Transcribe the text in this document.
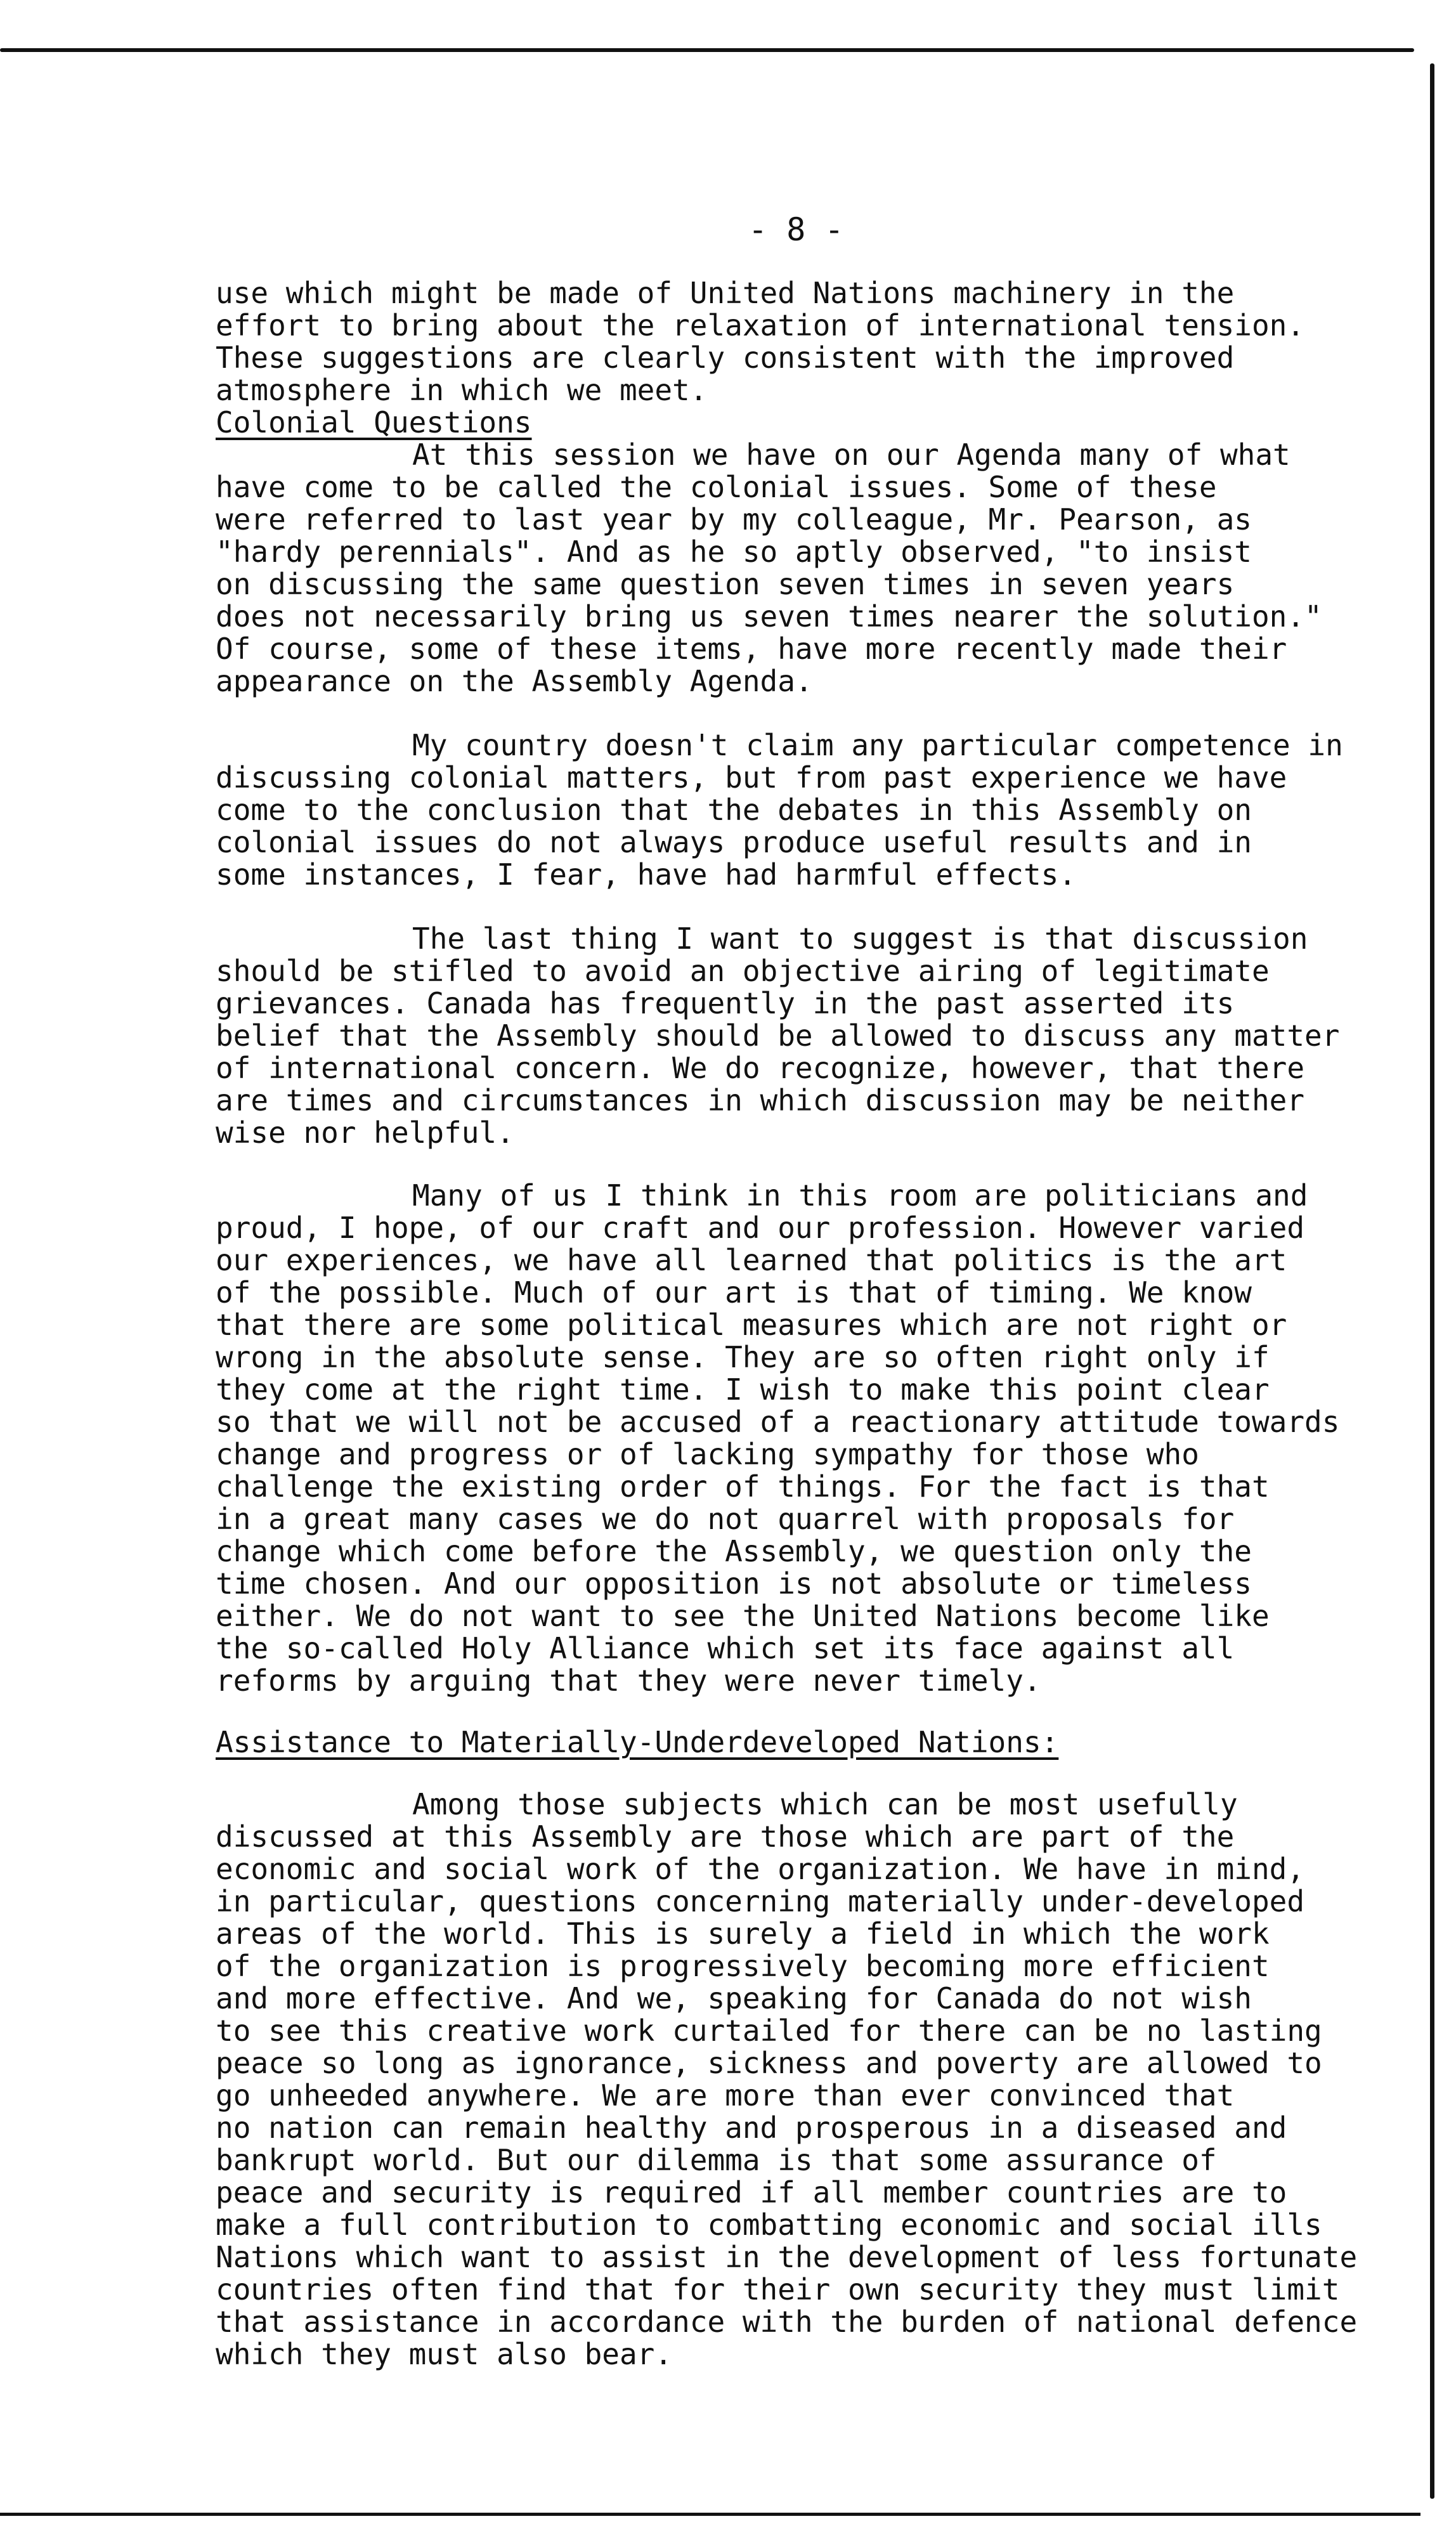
- 8 -
use which might be made of United Nations machinery in the
effort to bring about the relaxation of international tension.
These suggestions are clearly consistent with the improved
atmosphere in which we meet.
Colonial Questions
At this session we have on our Agenda many of what
have come to be called the colonial issues. Some of these
were referred to last year by my colleague, Mr. Pearson, as
"hardy perennials". And as he so aptly observed, "to insist
on discussing the same question seven times in seven years
does not necessarily bring us seven times nearer the solution."
Of course, some of these items, have more recently made their
appearance on the Assembly Agenda.
My country doesn't claim any particular competence in
discussing colonial matters, but from past experience we have
come to the conclusion that the debates in this Assembly on
colonial issues do not always produce useful results and in
some instances, I fear, have had harmful effects.
The last thing I want to suggest is that discussion
should be stifled to avoid an objective airing of legitimate
grievances. Canada has frequently in the past asserted its
belief that the Assembly should be allowed to discuss any matter
of international concern. We do recognize, however, that there
are times and circumstances in which discussion may be neither
wise nor helpful.
Many of us I think in this room are politicians and
proud, I hope, of our craft and our profession. However varied
our experiences, we have all learned that politics is the art
of the possible. Much of our art is that of timing. We know
that there are some political measures which are not right or
wrong in the absolute sense. They are so often right only if
they come at the right time. I wish to make this point clear
so that we will not be accused of a reactionary attitude towards
change and progress or of lacking sympathy for those who
challenge the existing order of things. For the fact is that
in a great many cases we do not quarrel with proposals for
change which come before the Assembly, we question only the
time chosen. And our opposition is not absolute or timeless
either. We do not want to see the United Nations become like
the so-called Holy Alliance which set its face against all
reforms by arguing that they were never timely.
Assistance to Materially-Underdeveloped Nations:
Among those subjects which can be most usefully
discussed at this Assembly are those which are part of the
economic and social work of the organization. We have in mind,
in particular, questions concerning materially under-developed
areas of the world. This is surely a field in which the work
of the organization is progressively becoming more efficient
and more effective. And we, speaking for Canada do not wish
to see this creative work curtailed for there can be no lasting
peace so long as ignorance, sickness and poverty are allowed to
go unheeded anywhere. We are more than ever convinced that
no nation can remain healthy and prosperous in a diseased and
bankrupt world. But our dilemma is that some assurance of
peace and security is required if all member countries are to
make a full contribution to combatting economic and social ills
Nations which want to assist in the development of less fortunate
countries often find that for their own security they must limit
that assistance in accordance with the burden of national defence
which they must also bear.
